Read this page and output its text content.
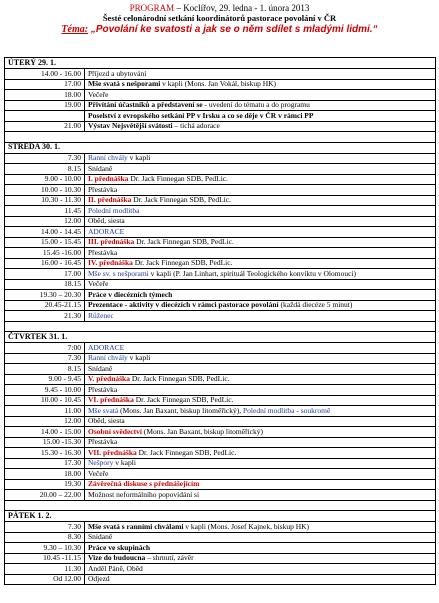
PROGRAM – Koclířov, 29. ledna - 1. února 2013
Šesté celonárodní setkání koordinátorů pastorace povolání v ČR
Téma: „Povolání ke svatosti a jak se o něm sdílet s mladými lidmi.“
ÚTERÝ 29. 1.	
14.00 - 16.00	Příjezd a ubytování
17.00	Mše svatá s nešporami v kapli (Mons. Jan Vokál, biskup HK)
18.00	Večeře
19.00	Přivítání účastníků a představení se - uvedení do tématu a do programu
	Poselství z evropského setkání PP v Irsku a co se děje v ČR v rámci PP
21.00	Výstav Nejsvětější svátosti – tichá adorace

STŘEDA 30. 1.	
7.30	Ranní chvály v kapli
8.15	Snídaně
9.00 - 10.00	I. přednáška Dr. Jack Finnegan SDB, PedLic.
10.00 - 10.30	Přestávka
10.30 - 11.30	II. přednáška Dr. Jack Finnegan SDB, PedLic.
11.45	Polední modlitba
12.00	Oběd, siesta
14.00 - 14.45	ADORACE
15.00 - 15.45	III. přednáška Dr. Jack Finnegan SDB, PedLic.
15.45 -16.00	Přestávka
16.00 - 16.45	IV. přednáška Dr. Jack Finnegan SDB, PedLic.
17.00	Mše sv. s nešporami v kapli (P. Jan Linhart, spirituál Teologického konviktu v Olomouci)
18.15	Večeře
19.30 – 20.30	Práce v diecézních týmech
20.45-21.15	Prezentace - aktivity v diecézích v rámci pastorace povolání (každá diecéze 5 minut)
21.30	Růženec

ČTVRTEK 31. 1.	
7:00	ADORACE
7.30	Ranní chvály v kapli
8.15	Snídaně
9.00 - 9.45	V. přednáška Dr. Jack Finnegan SDB, PedLic.
9.45 - 10.00	Přestávka
10.00 - 10.45	VI. přednáška Dr. Jack Finnegan SDB, PedLic.
11.00	Mše svatá (Mons. Jan Baxant, biskup litoměřický), Polední modlitba - soukromě
12.00	Oběd, siesta
14.00 - 15.00	Osobní svědectví (Mons. Jan Baxant, biskup litoměřický)
15.00 -15.30	Přestávka
15.30 - 16.30	VII. přednáška Dr. Jack Finnegan SDB, PedLic.
17.30	Nešpory v kapli
18.00	Večeře
19.30	Závěrečná diskuse s přednášejícím
20.00 – 22.00	Možnost neformálního popovídání si

PÁTEK 1. 2.	
7.30	Mše svatá s ranními chválami v kapli (Mons. Josef Kajnek, biskup HK)
8.30	Snídaně
9.30 – 10.30	Práce ve skupinách
10.45 -11.15	Vize do budoucna – shrnutí, závěr
11.30	Anděl Páně, Oběd
Od 12.00	Odjezd
